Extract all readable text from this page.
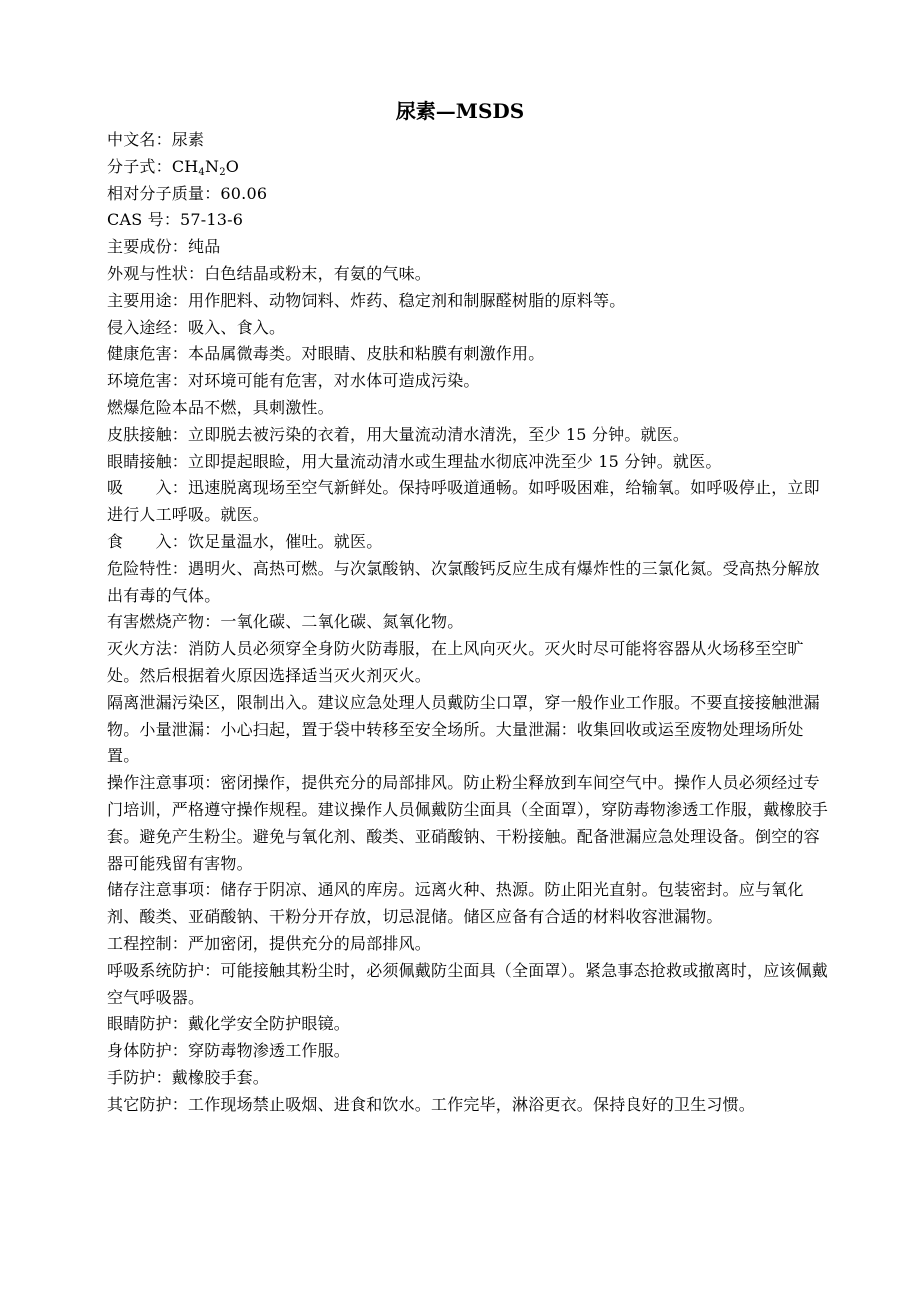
尿素—MSDS

中文名：尿素

分子式：$CH_4N_2O$

相对分子质量：60.06

CAS 号：57-13-6

主要成份：纯品

外观与性状：白色结晶或粉末，有氨的气味。

主要用途：用作肥料、动物饲料、炸药、稳定剂和制脲醛树脂的原料等。

侵入途经：吸入、食入。

健康危害：本品属微毒类。对眼睛、皮肤和粘膜有刺激作用。

环境危害：对环境可能有危害，对水体可造成污染。

燃爆危险本品不燃，具刺激性。

皮肤接触：立即脱去被污染的衣着，用大量流动清水清洗，至少 15 分钟。就医。

眼睛接触：立即提起眼睑，用大量流动清水或生理盐水彻底冲洗至少 15 分钟。就医。

吸　　入：迅速脱离现场至空气新鲜处。保持呼吸道通畅。如呼吸困难，给输氧。如呼吸停止，立即进行人工呼吸。就医。

食　　入：饮足量温水，催吐。就医。

危险特性：遇明火、高热可燃。与次氯酸钠、次氯酸钙反应生成有爆炸性的三氯化氮。受高热分解放出有毒的气体。

有害燃烧产物：一氧化碳、二氧化碳、氮氧化物。

灭火方法：消防人员必须穿全身防火防毒服，在上风向灭火。灭火时尽可能将容器从火场移至空旷处。然后根据着火原因选择适当灭火剂灭火。

隔离泄漏污染区，限制出入。建议应急处理人员戴防尘口罩，穿一般作业工作服。不要直接接触泄漏物。小量泄漏：小心扫起，置于袋中转移至安全场所。大量泄漏：收集回收或运至废物处理场所处置。

操作注意事项：密闭操作，提供充分的局部排风。防止粉尘释放到车间空气中。操作人员必须经过专门培训，严格遵守操作规程。建议操作人员佩戴防尘面具（全面罩），穿防毒物渗透工作服，戴橡胶手套。避免产生粉尘。避免与氧化剂、酸类、亚硝酸钠、干粉接触。配备泄漏应急处理设备。倒空的容器可能残留有害物。

储存注意事项：储存于阴凉、通风的库房。远离火种、热源。防止阳光直射。包装密封。应与氧化剂、酸类、亚硝酸钠、干粉分开存放，切忌混储。储区应备有合适的材料收容泄漏物。

工程控制：严加密闭，提供充分的局部排风。

呼吸系统防护：可能接触其粉尘时，必须佩戴防尘面具（全面罩）。紧急事态抢救或撤离时，应该佩戴空气呼吸器。

眼睛防护：戴化学安全防护眼镜。

身体防护：穿防毒物渗透工作服。

手防护：戴橡胶手套。

其它防护：工作现场禁止吸烟、进食和饮水。工作完毕，淋浴更衣。保持良好的卫生习惯。
